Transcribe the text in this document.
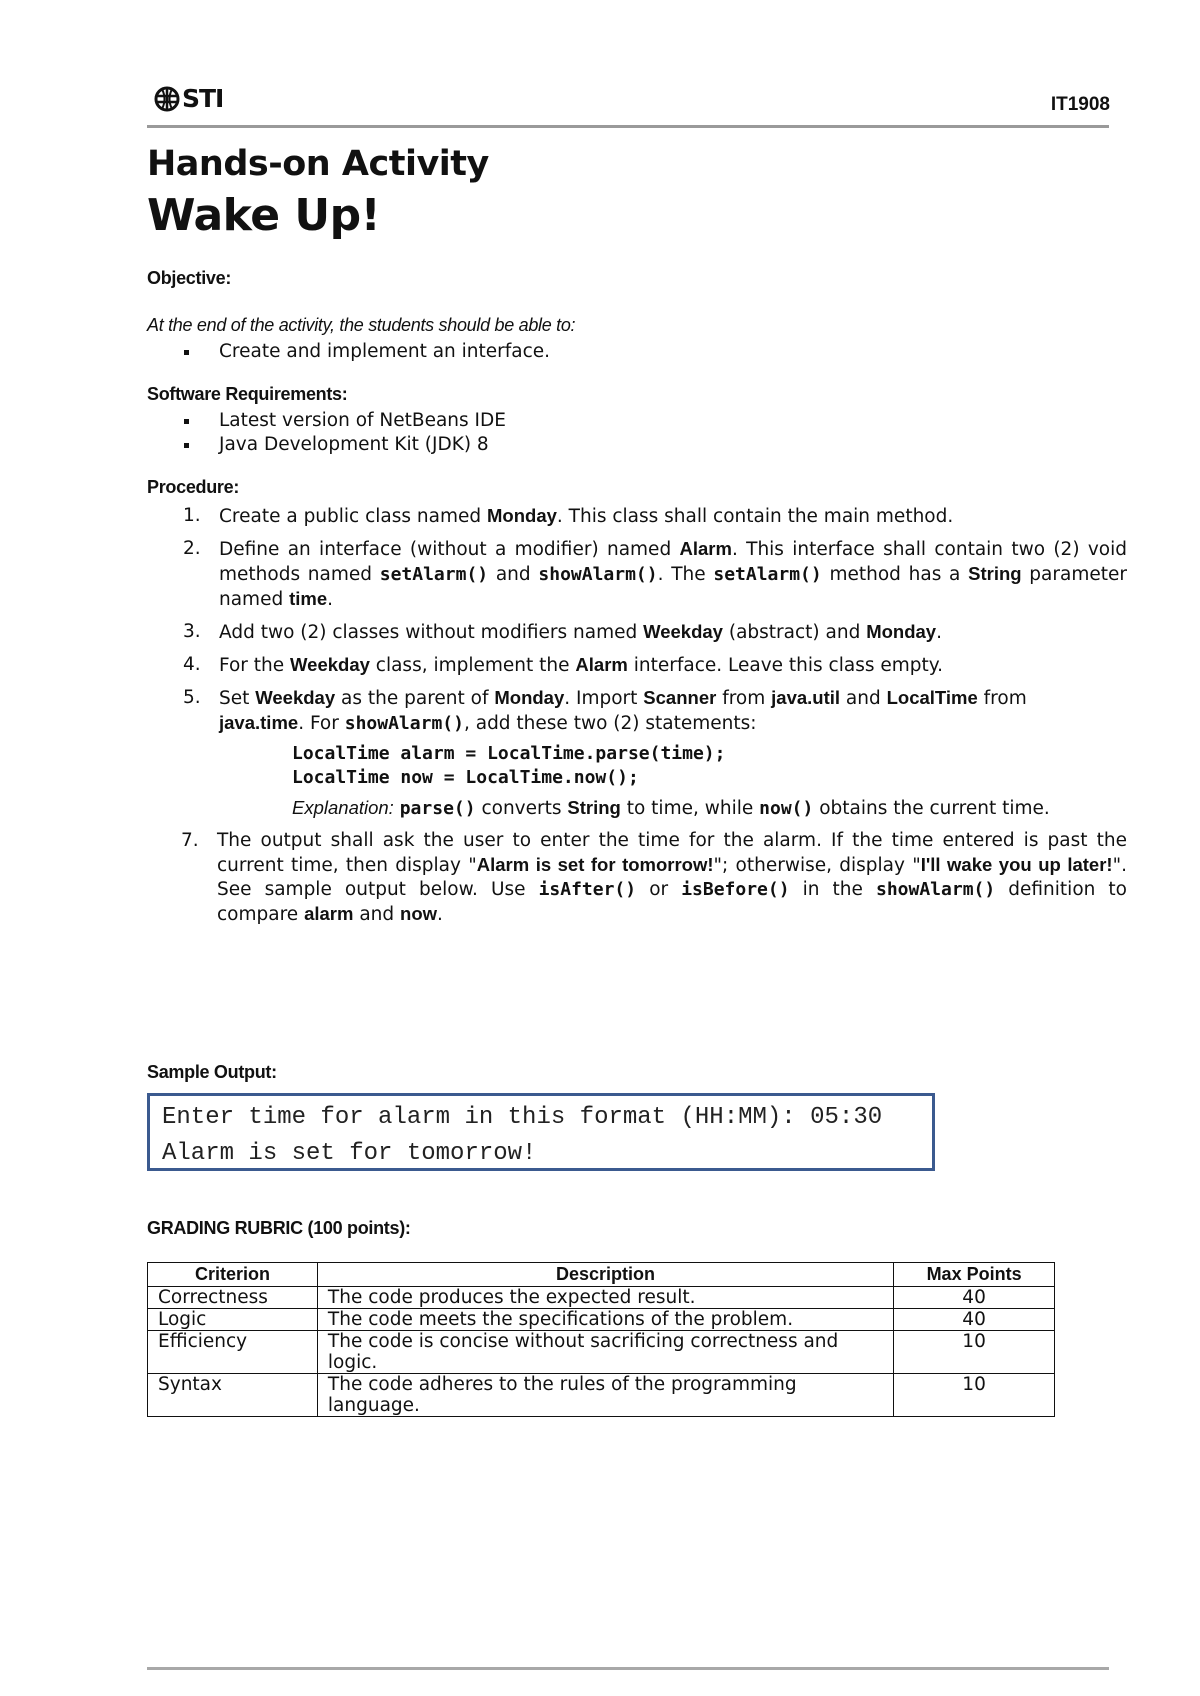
STI	IT1908
Hands-on Activity
Wake Up!
Objective:
At the end of the activity, the students should be able to:
Create and implement an interface.
Software Requirements:
Latest version of NetBeans IDE
Java Development Kit (JDK) 8
Procedure:
1. Create a public class named Monday. This class shall contain the main method.
2. Define an interface (without a modifier) named Alarm. This interface shall contain two (2) void methods named setAlarm() and showAlarm(). The setAlarm() method has a String parameter named time.
3. Add two (2) classes without modifiers named Weekday (abstract) and Monday.
4. For the Weekday class, implement the Alarm interface. Leave this class empty.
5. Set Weekday as the parent of Monday. Import Scanner from java.util and LocalTime from
java.time. For showAlarm(), add these two (2) statements:
LocalTime alarm = LocalTime.parse(time);
LocalTime now = LocalTime.now();
Explanation: parse() converts String to time, while now() obtains the current time.
7. The output shall ask the user to enter the time for the alarm. If the time entered is past the current time, then display "Alarm is set for tomorrow!"; otherwise, display "I'll wake you up later!". See sample output below. Use isAfter() or isBefore() in the showAlarm() definition to compare alarm and now.
Sample Output:
Enter time for alarm in this format (HH:MM): 05:30
Alarm is set for tomorrow!
GRADING RUBRIC (100 points):
Criterion	Description	Max Points
Correctness	The code produces the expected result.	40
Logic	The code meets the specifications of the problem.	40
Efficiency	The code is concise without sacrificing correctness and logic.	10
Syntax	The code adheres to the rules of the programming language.	10
